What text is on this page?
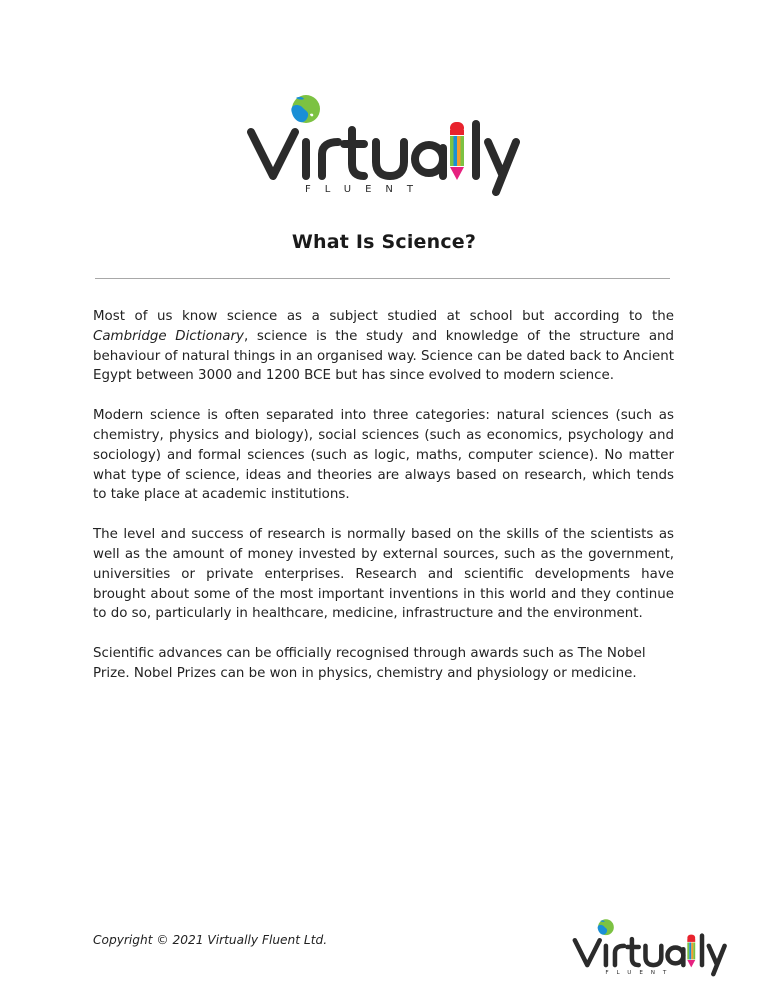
FLUENT
What Is Science?

Most of us know science as a subject studied at school but according to the Cambridge Dictionary, science is the study and knowledge of the structure and behaviour of natural things in an organised way. Science can be dated back to Ancient Egypt between 3000 and 1200 BCE but has since evolved to modern science.

Modern science is often separated into three categories: natural sciences (such as chemistry, physics and biology), social sciences (such as economics, psychology and sociology) and formal sciences (such as logic, maths, computer science). No matter what type of science, ideas and theories are always based on research, which tends to take place at academic institutions.

The level and success of research is normally based on the skills of the scientists as well as the amount of money invested by external sources, such as the government, universities or private enterprises. Research and scientific developments have brought about some of the most important inventions in this world and they continue to do so, particularly in healthcare, medicine, infrastructure and the environment.

Scientific advances can be officially recognised through awards such as The Nobel Prize. Nobel Prizes can be won in physics, chemistry and physiology or medicine.

Copyright © 2021 Virtually Fluent Ltd.
FLUENT
